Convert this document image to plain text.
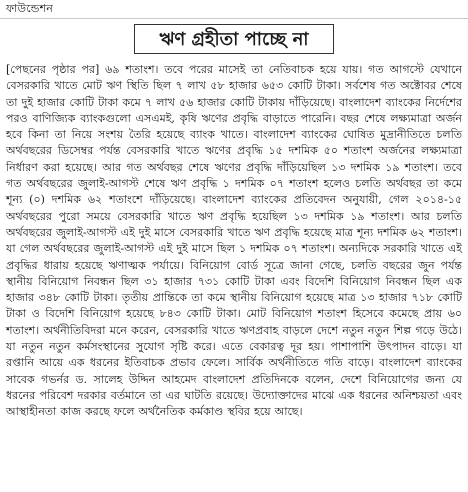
ফাউন্ডেশন
ঋণ গ্রহীতা পাচ্ছে না
[পেছনের পৃষ্ঠার পর] ৬৯ শতাংশ। তবে পরের মাসেই তা নেতিবাচক হয়ে যায়। গত আগস্টে যেখানে বেসরকারি খাতে মোট ঋণ স্থিতি ছিল ৭ লাখ ৫৮ হাজার ৬৫৩ কোটি টাকা। সর্বশেষ গত অক্টোবর শেষে তা দুই হাজার কোটি টাকা কমে ৭ লাখ ৫৬ হাজার কোটি টাকায় দাঁড়িয়েছে। বাংলাদেশ ব্যাংকের নির্দেশের পরও বাণিজ্যিক ব্যাংকগুলো এসএমই, কৃষি ঋণের প্রবৃদ্ধি বাড়াতে পারেনি। বছর শেষে লক্ষ্যমাত্রা অর্জন হবে কিনা তা নিয়ে সংশয় তৈরি হয়েছে ব্যাংক খাতে। বাংলাদেশ ব্যাংকের ঘোষিত মুদ্রানীতিতে চলতি অর্থবছরের ডিসেম্বর পর্যন্ত বেসরকারি খাতে ঋণের প্রবৃদ্ধি ১৫ দশমিক ৫০ শতাংশ অর্জনের লক্ষ্যমাত্রা নির্ধারণ করা হয়েছে। আর গত অর্থবছর শেষে ঋণের প্রবৃদ্ধি দাঁড়িয়েছিল ১৩ দশমিক ১৯ শতাংশ। তবে গত অর্থবছরের জুলাই-আগস্ট শেষে ঋণ প্রবৃদ্ধি ১ দশমিক ০৭ শতাংশ হলেও চলতি অর্থবছর তা কমে শূন্য (০) দশমিক ৬২ শতাংশে দাঁড়িয়েছে। বাংলাদেশ ব্যাংকের প্রতিবেদন অনুযায়ী, গেল ২০১৪-১৫ অর্থবছরের পুরো সময়ে বেসরকারি খাতে ঋণ প্রবৃদ্ধি হয়েছিল ১৩ দশমিক ১৯ শতাংশ। আর চলতি অর্থবছরের জুলাই-আগস্ট এই দুই মাসে বেসরকারি খাতে ঋণ প্রবৃদ্ধি হয়েছে মাত্র শূন্য দশমিক ৬২ শতাংশ। যা গেল অর্থবছরের জুলাই-আগস্ট এই দুই মাসে ছিল ১ দশমিক ০৭ শতাংশ। অন্যদিকে সরকারি খাতে এই প্রবৃদ্ধির ধারায় হয়েছে ঋণাত্মক পর্যায়ে। বিনিয়োগ বোর্ড সূত্রে জানা গেছে, চলতি বছরের জুন পর্যন্ত স্থানীয় বিনিয়োগ নিবন্ধন ছিল ৩১ হাজার ৭৩১ কোটি টাকা এবং বিদেশি বিনিয়োগ নিবন্ধন ছিল এক হাজার ৩৪৮ কোটি টাকা। তৃতীয় প্রান্তিকে তা কমে স্থানীয় বিনিয়োগ হয়েছে মাত্র ১৩ হাজার ৭১৮ কোটি টাকা ও বিদেশি বিনিয়োগ হয়েছে ৮৪৩ কোটি টাকা। মোট বিনিয়োগ শতাংশ হিসেবে কমেছে প্রায় ৬০ শতাংশ। অর্থনীতিবিদরা মনে করেন, বেসরকারি খাতে ঋণপ্রবাহ বাড়লে দেশে নতুন নতুন শিল্প গড়ে উঠে। যা নতুন নতুন কর্মসংস্থানের সুযোগ সৃষ্টি করে। এতে বেকারত্ব দূর হয়। পাশাপাশি উৎপাদন বাড়ে। যা রপ্তানি আয়ে এক ধরনের ইতিবাচক প্রভাব ফেলে। সার্বিক অর্থনীতিতে গতি বাড়ে। বাংলাদেশ ব্যাংকের সাবেক গভর্নর ড. সালেহ উদ্দিন আহমেদ বাংলাদেশ প্রতিদিনকে বলেন, দেশে বিনিয়োগের জন্য যে ধরনের পরিবেশ দরকার বর্তমানে তা এর ঘাটতি রয়েছে। উদ্যোক্তাদের মাঝে এক ধরনের অনিশ্চয়তা এবং আস্থাহীনতা কাজ করছে ফলে অর্থনৈতিক কর্মকাণ্ড স্থবির হয়ে আছে।
